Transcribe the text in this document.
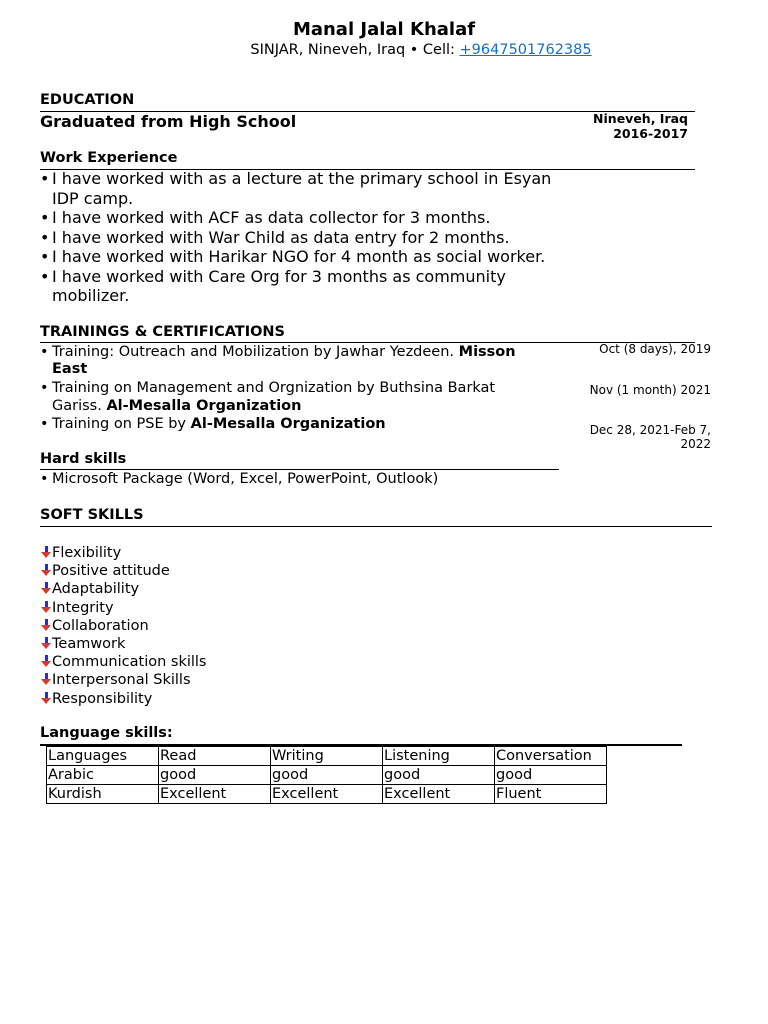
Manal Jalal Khalaf
SINJAR, Nineveh, Iraq • Cell: +9647501762385
EDUCATION
Graduated from High School	Nineveh, Iraq
2016-2017
Work Experience
• I have worked with as a lecture at the primary school in Esyan
IDP camp.
• I have worked with ACF as data collector for 3 months.
• I have worked with War Child as data entry for 2 months.
• I have worked with Harikar NGO for 4 month as social worker.
• I have worked with Care Org for 3 months as community
mobilizer.
TRAININGS & CERTIFICATIONS
• Training: Outreach and Mobilization by Jawhar Yezdeen. Misson
East
Oct (8 days), 2019
• Training on Management and Orgnization by Buthsina Barkat
Gariss. Al-Mesalla Organization
Nov (1 month) 2021
• Training on PSE by Al-Mesalla Organization	Dec 28, 2021-Feb 7, 2022
Hard skills
• Microsoft Package (Word, Excel, PowerPoint, Outlook)
SOFT SKILLS
Flexibility
Positive attitude
Adaptability
Integrity
Collaboration
Teamwork
Communication skills
Interpersonal Skills
Responsibility
Language skills:
Languages	Read	Writing	Listening	Conversation
Arabic	good	good	good	good
Kurdish	Excellent	Excellent	Excellent	Fluent
